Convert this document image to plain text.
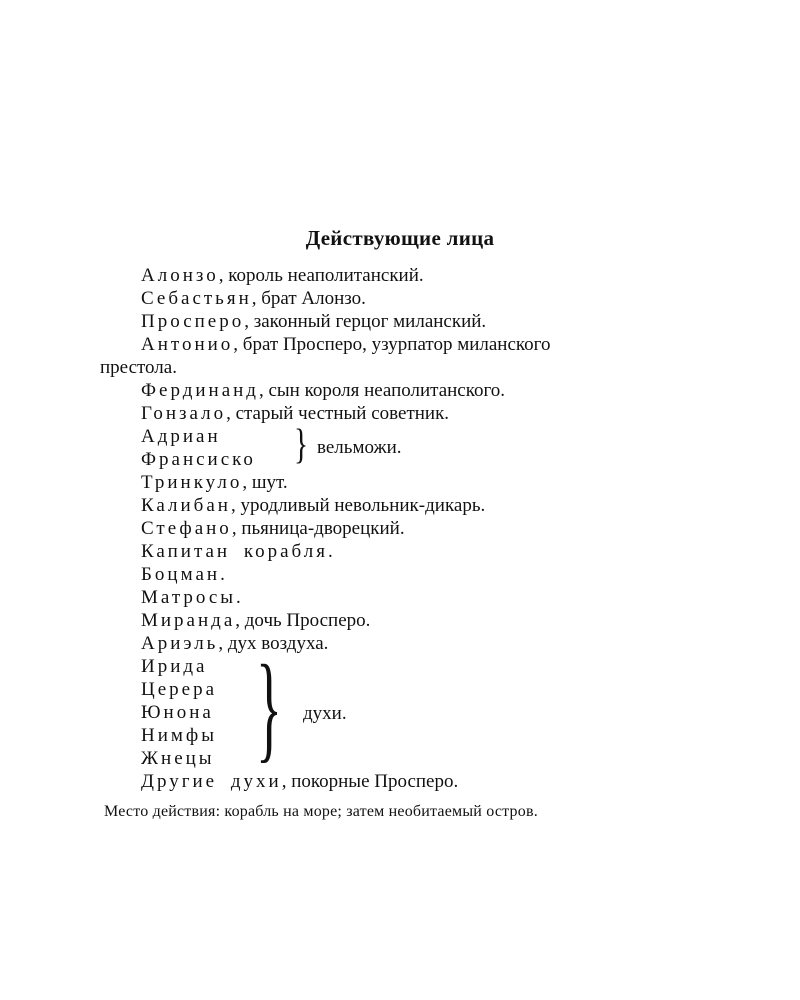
Действующие лица
Алонзо, король неаполитанский.
Себастьян, брат Алонзо.
Просперо, законный герцог миланский.
Антонио, брат Просперо, узурпатор миланского
престола.
Фердинанд, сын короля неаполитанского.
Гонзало, старый честный советник.
Адриан
Франсиско } вельможи.
Тринкуло, шут.
Калибан, уродливый невольник-дикарь.
Стефано, пьяница-дворецкий.
Капитан корабля.
Боцман.
Матросы.
Миранда, дочь Просперо.
Ариэль, дух воздуха.
Ирида
Церера
Юнона
Нимфы
Жнецы } духи.
Другие духи, покорные Просперо.
Место действия: корабль на море; затем необитаемый остров.
